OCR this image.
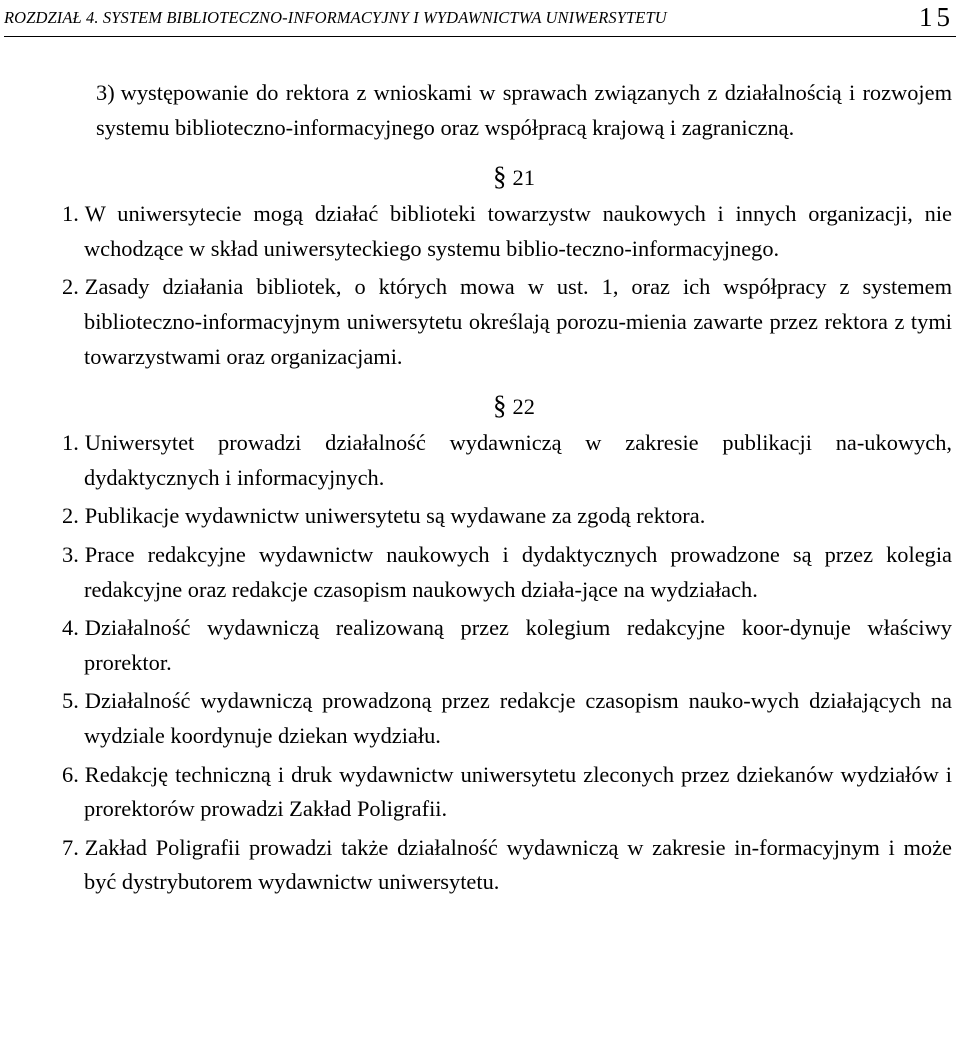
ROZDZIAŁ 4. SYSTEM BIBLIOTECZNO-INFORMACYJNY I WYDAWNICTWA UNIWERSYTETU	15

3) występowanie do rektora z wnioskami w sprawach związanych z działalnością i rozwojem systemu biblioteczno-informacyjnego oraz współpracą krajową i zagraniczną.

§ 21

1. W uniwersytecie mogą działać biblioteki towarzystw naukowych i innych organizacji, nie wchodzące w skład uniwersyteckiego systemu biblio-teczno-informacyjnego.

2. Zasady działania bibliotek, o których mowa w ust. 1, oraz ich współpracy z systemem biblioteczno-informacyjnym uniwersytetu określają porozu-mienia zawarte przez rektora z tymi towarzystwami oraz organizacjami.

§ 22

1. Uniwersytet prowadzi działalność wydawniczą w zakresie publikacji na-ukowych, dydaktycznych i informacyjnych.

2. Publikacje wydawnictw uniwersytetu są wydawane za zgodą rektora.

3. Prace redakcyjne wydawnictw naukowych i dydaktycznych prowadzone są przez kolegia redakcyjne oraz redakcje czasopism naukowych działa-jące na wydziałach.

4. Działalność wydawniczą realizowaną przez kolegium redakcyjne koor-dynuje właściwy prorektor.

5. Działalność wydawniczą prowadzoną przez redakcje czasopism nauko-wych działających na wydziale koordynuje dziekan wydziału.

6. Redakcję techniczną i druk wydawnictw uniwersytetu zleconych przez dziekanów wydziałów i prorektorów prowadzi Zakład Poligrafii.

7. Zakład Poligrafii prowadzi także działalność wydawniczą w zakresie in-formacyjnym i może być dystrybutorem wydawnictw uniwersytetu.
